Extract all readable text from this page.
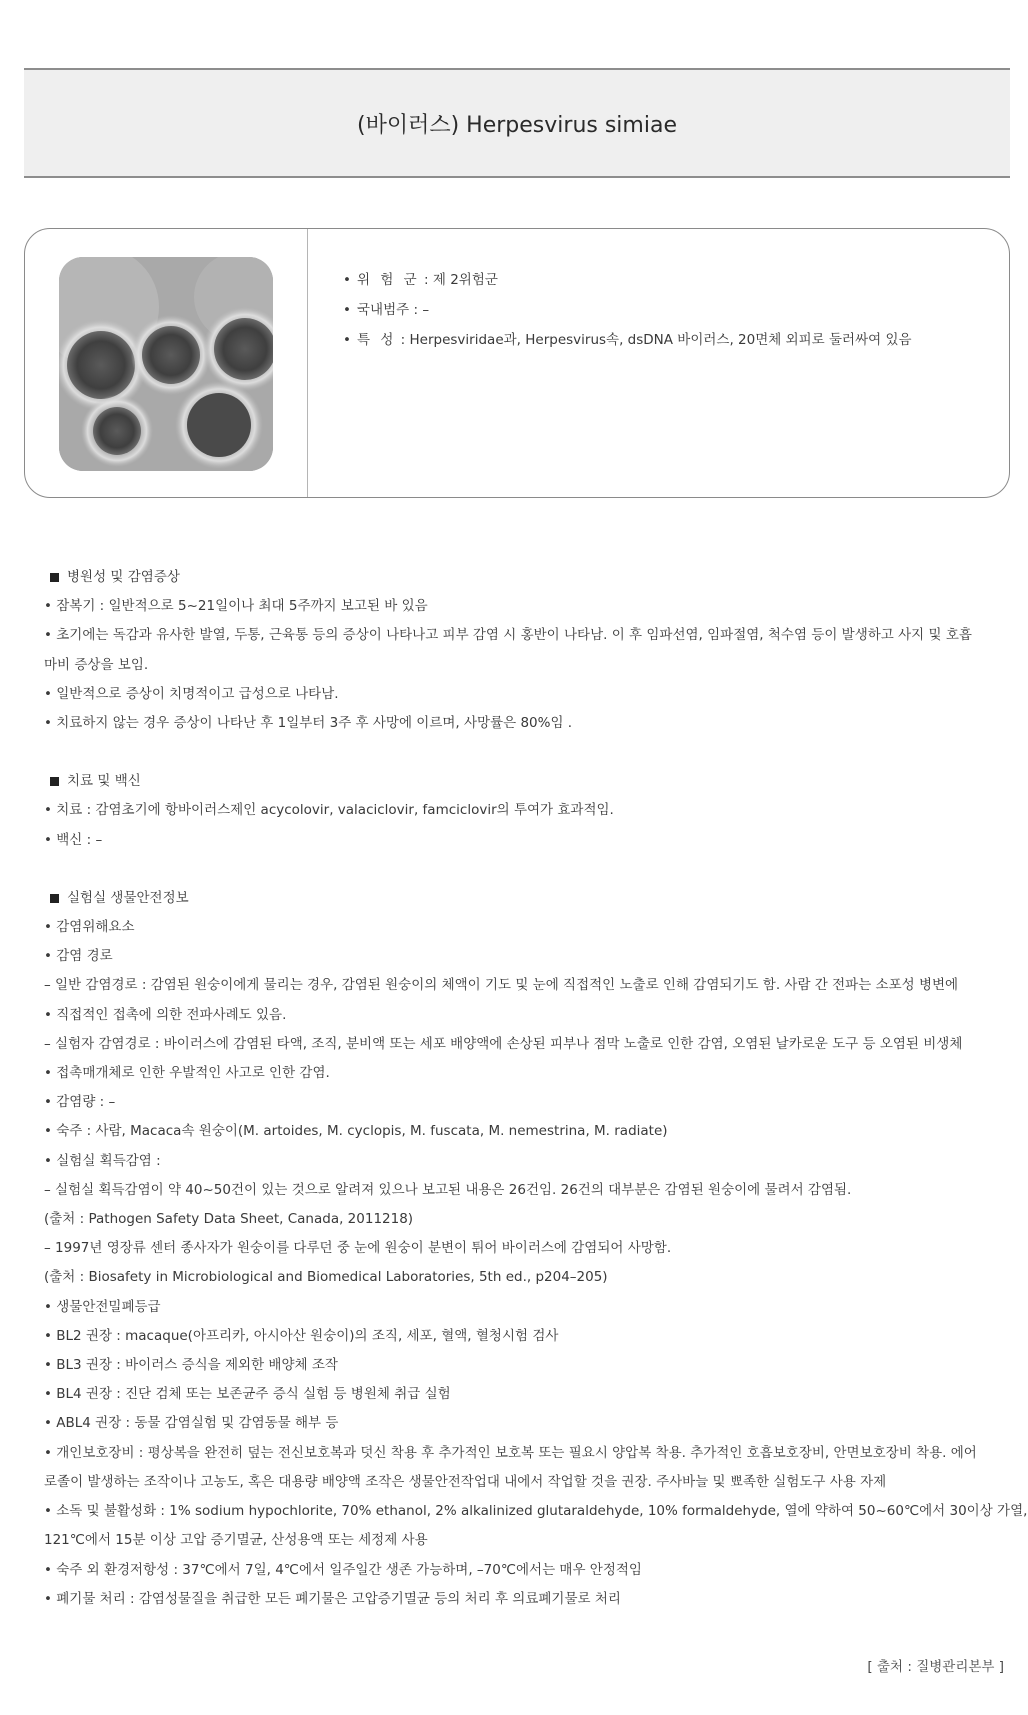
(바이러스) Herpesvirus simiae
• 위 험 군 : 제 2위험군
• 국내범주 : –
• 특 성 : Herpesviridae과, Herpesvirus속, dsDNA 바이러스, 20면체 외피로 둘러싸여 있음

병원성 및 감염증상

• 잠복기 : 일반적으로 5~21일이나 최대 5주까지 보고된 바 있음

• 초기에는 독감과 유사한 발열, 두통, 근육통 등의 증상이 나타나고 피부 감염 시 홍반이 나타남. 이 후 임파선염, 임파절염, 척수염 등이 발생하고 사지 및 호흡

마비 증상을 보임.

• 일반적으로 증상이 치명적이고 급성으로 나타남.

• 치료하지 않는 경우 증상이 나타난 후 1일부터 3주 후 사망에 이르며, 사망률은 80%임 .

치료 및 백신

• 치료 : 감염초기에 항바이러스제인 acycolovir, valaciclovir, famciclovir의 투여가 효과적임.

• 백신 : –

실험실 생물안전정보

• 감염위해요소

• 감염 경로

– 일반 감염경로 : 감염된 원숭이에게 물리는 경우, 감염된 원숭이의 체액이 기도 및 눈에 직접적인 노출로 인해 감염되기도 함. 사람 간 전파는 소포성 병변에

• 직접적인 접촉에 의한 전파사례도 있음.

– 실험자 감염경로 : 바이러스에 감염된 타액, 조직, 분비액 또는 세포 배양액에 손상된 피부나 점막 노출로 인한 감염, 오염된 날카로운 도구 등 오염된 비생체

• 접촉매개체로 인한 우발적인 사고로 인한 감염.

• 감염량 : –

• 숙주 : 사람, Macaca속 원숭이(M. artoides, M. cyclopis, M. fuscata, M. nemestrina, M. radiate)

• 실험실 획득감염 :

– 실험실 획득감염이 약 40~50건이 있는 것으로 알려져 있으나 보고된 내용은 26건임. 26건의 대부분은 감염된 원숭이에 물려서 감염됨.

(출처 : Pathogen Safety Data Sheet, Canada, 2011218)

– 1997년 영장류 센터 종사자가 원숭이를 다루던 중 눈에 원숭이 분변이 튀어 바이러스에 감염되어 사망함.

(출처 : Biosafety in Microbiological and Biomedical Laboratories, 5th ed., p204–205)

• 생물안전밀폐등급

• BL2 권장 : macaque(아프리카, 아시아산 원숭이)의 조직, 세포, 혈액, 혈청시험 검사

• BL3 권장 : 바이러스 증식을 제외한 배양체 조작

• BL4 권장 : 진단 검체 또는 보존균주 증식 실험 등 병원체 취급 실험

• ABL4 권장 : 동물 감염실험 및 감염동물 해부 등

• 개인보호장비 : 평상복을 완전히 덮는 전신보호복과 덧신 착용 후 추가적인 보호복 또는 필요시 양압복 착용. 추가적인 호흡보호장비, 안면보호장비 착용. 에어

로졸이 발생하는 조작이나 고농도, 혹은 대용량 배양액 조작은 생물안전작업대 내에서 작업할 것을 권장. 주사바늘 및 뾰족한 실험도구 사용 자제

• 소독 및 불활성화 : 1% sodium hypochlorite, 70% ethanol, 2% alkalinized glutaraldehyde, 10% formaldehyde, 열에 약하여 50~60℃에서 30이상 가열,

121℃에서 15분 이상 고압 증기멸균, 산성용액 또는 세정제 사용

• 숙주 외 환경저항성 : 37℃에서 7일, 4℃에서 일주일간 생존 가능하며, –70℃에서는 매우 안정적임

• 폐기물 처리 : 감염성물질을 취급한 모든 폐기물은 고압증기멸균 등의 처리 후 의료폐기물로 처리

[ 출처 : 질병관리본부 ]
